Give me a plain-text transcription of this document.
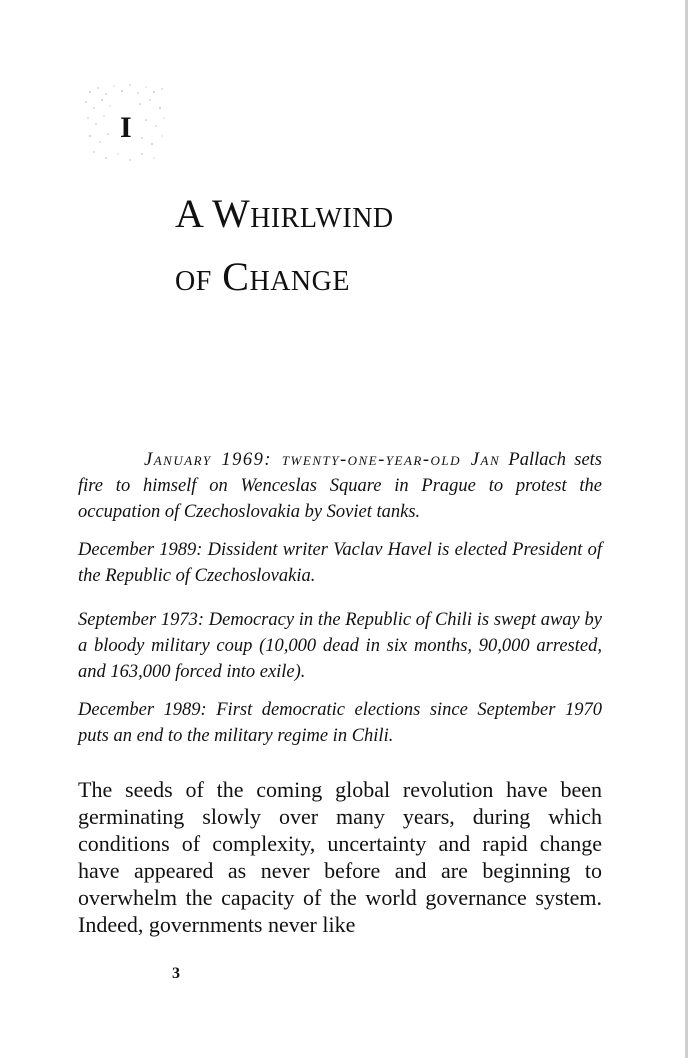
I
A Whirlwind
of Change

January 1969: twenty-one-year-old Jan Pallach sets fire to himself on Wenceslas Square in Prague to protest the occupation of Czechoslovakia by Soviet tanks.

December 1989: Dissident writer Vaclav Havel is elected President of the Republic of Czechoslovakia.

September 1973: Democracy in the Republic of Chili is swept away by a bloody military coup (10,000 dead in six months, 90,000 arrested, and 163,000 forced into exile).

December 1989: First democratic elections since September 1970 puts an end to the military regime in Chili.

The seeds of the coming global revolution have been germinating slowly over many years, during which conditions of complexity, uncertainty and rapid change have appeared as never before and are beginning to overwhelm the capacity of the world governance system. Indeed, governments never like

3
